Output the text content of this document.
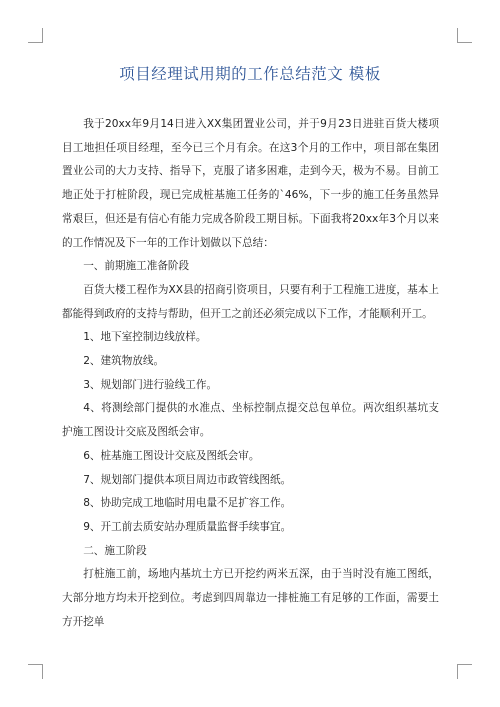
项目经理试用期的工作总结范文 模板

我于20xx年9月14日进入XX集团置业公司，并于9月23日进驻百货大楼项目工地担任项目经理，至今已三个月有余。在这3个月的工作中，项目部在集团置业公司的大力支持、指导下，克服了诸多困难，走到今天，极为不易。目前工地正处于打桩阶段，现已完成桩基施工任务的`46%，下一步的施工任务虽然异常艰巨，但还是有信心有能力完成各阶段工期目标。下面我将20xx年3个月以来的工作情况及下一年的工作计划做以下总结：

一、前期施工准备阶段

百货大楼工程作为XX县的招商引资项目，只要有利于工程施工进度，基本上都能得到政府的支持与帮助，但开工之前还必须完成以下工作，才能顺利开工。

1、地下室控制边线放样。

2、建筑物放线。

3、规划部门进行验线工作。

4、将测绘部门提供的水准点、坐标控制点提交总包单位。两次组织基坑支护施工图设计交底及图纸会审。

6、桩基施工图设计交底及图纸会审。

7、规划部门提供本项目周边市政管线图纸。

8、协助完成工地临时用电量不足扩容工作。

9、开工前去质安站办理质量监督手续事宜。

二、施工阶段

打桩施工前，场地内基坑土方已开挖约两米五深，由于当时没有施工图纸，大部分地方均未开挖到位。考虑到四周靠边一排桩施工有足够的工作面，需要土方开挖单
